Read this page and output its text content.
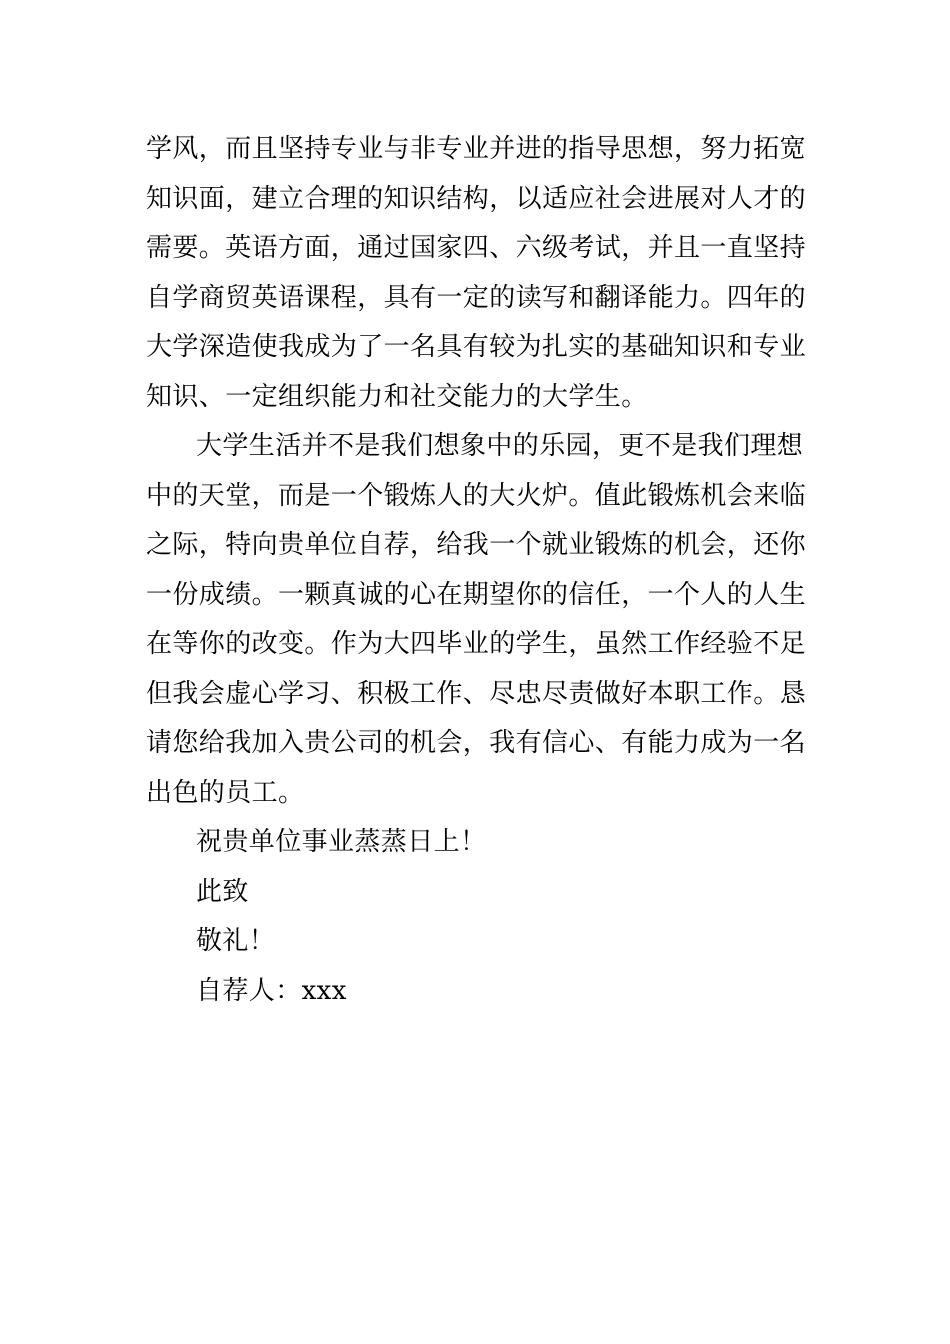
学风，而且坚持专业与非专业并进的指导思想，努力拓宽
知识面，建立合理的知识结构，以适应社会进展对人才的
需要。英语方面，通过国家四、六级考试，并且一直坚持
自学商贸英语课程，具有一定的读写和翻译能力。四年的
大学深造使我成为了一名具有较为扎实的基础知识和专业
知识、一定组织能力和社交能力的大学生。
大学生活并不是我们想象中的乐园，更不是我们理想
中的天堂，而是一个锻炼人的大火炉。值此锻炼机会来临
之际，特向贵单位自荐，给我一个就业锻炼的机会，还你
一份成绩。一颗真诚的心在期望你的信任，一个人的人生
在等你的改变。作为大四毕业的学生，虽然工作经验不足
但我会虚心学习、积极工作、尽忠尽责做好本职工作。恳
请您给我加入贵公司的机会，我有信心、有能力成为一名
出色的员工。
祝贵单位事业蒸蒸日上！
此致
敬礼！
自荐人：xxx
